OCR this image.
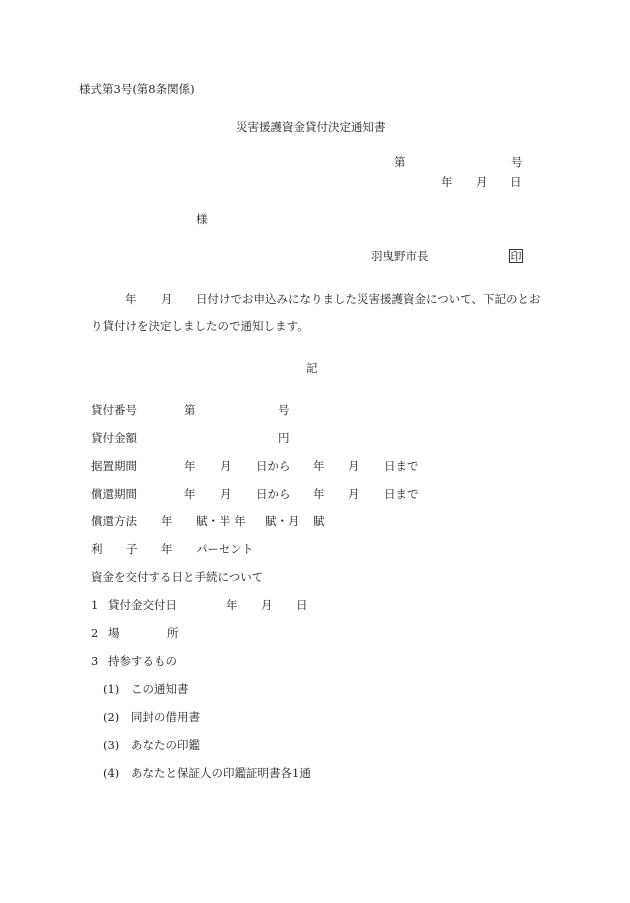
様式第3号(第8条関係)
災害援護資金貸付決定通知書
第	号
年 月 日
様
羽曳野市長	印
年 月 日付けでお申込みになりました災害援護資金について、下記のとお
り貸付けを決定しましたので通知します。
記
貸付番号	第	号
貸付金額	円
据置期間	年 月 日から 年 月 日まで
償還期間	年 月 日から 年 月 日まで
償還方法 年 賦・半 年 賦・月 賦
利 子 年 パーセント
資金を交付する日と手続について
1 貸付金交付日	年 月 日
2 場	所
3 持参するもの
(1) この通知書
(2) 同封の借用書
(3) あなたの印鑑
(4) あなたと保証人の印鑑証明書各1通
